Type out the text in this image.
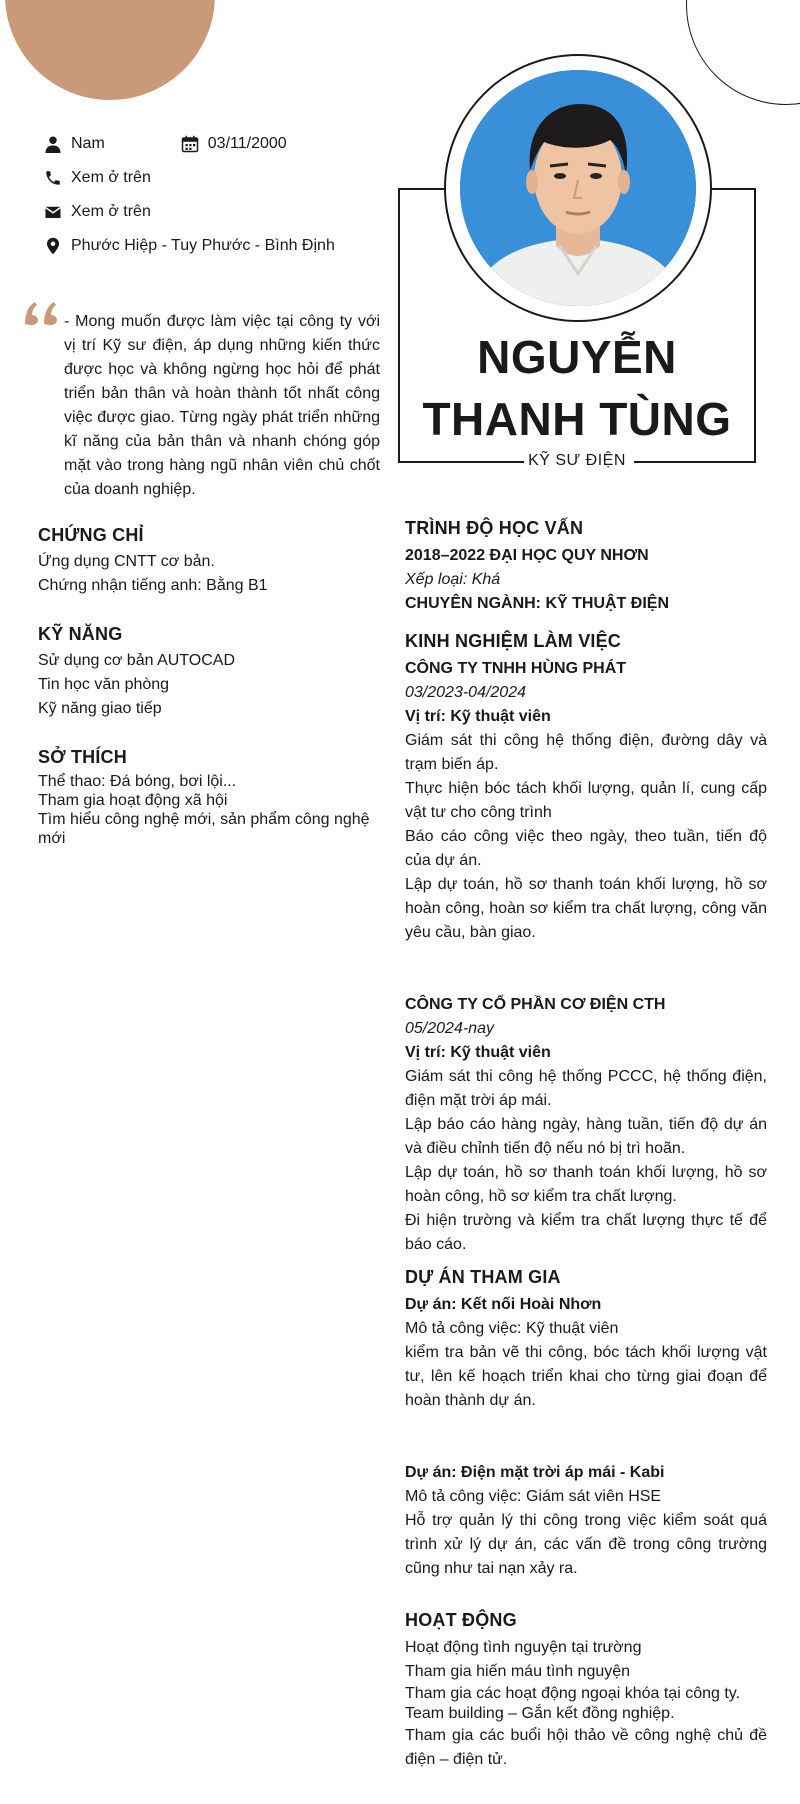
Nam	03/11/2000
Xem ở trên
Xem ở trên
Phước Hiệp - Tuy Phước - Bình Định

- Mong muốn được làm việc tại công ty với vị trí Kỹ sư điện, áp dụng những kiến thức được học và không ngừng học hỏi để phát triển bản thân và hoàn thành tốt nhất công việc được giao. Từng ngày phát triển những kĩ năng của bản thân và nhanh chóng góp mặt vào trong hàng ngũ nhân viên chủ chốt của doanh nghiệp.

CHỨNG CHỈ
Ứng dụng CNTT cơ bản.
Chứng nhận tiếng anh: Bằng B1
KỸ NĂNG
Sử dụng cơ bản AUTOCAD
Tin học văn phòng
Kỹ năng giao tiếp
SỞ THÍCH
Thể thao: Đá bóng, bơi lội...
Tham gia hoạt động xã hội
Tìm hiểu công nghệ mới, sản phẩm công nghệ mới
NGUYỄN
THANH TÙNG
KỸ SƯ ĐIỆN
TRÌNH ĐỘ HỌC VẤN
2018–2022 ĐẠI HỌC QUY NHƠN
Xếp loại: Khá
CHUYÊN NGÀNH: KỸ THUẬT ĐIỆN
KINH NGHIỆM LÀM VIỆC
CÔNG TY TNHH HÙNG PHÁT
03/2023-04/2024
Vị trí: Kỹ thuật viên
Giám sát thi công hệ thống điện, đường dây và trạm biến áp.
Thực hiện bóc tách khối lượng, quản lí, cung cấp vật tư cho công trình
Báo cáo công việc theo ngày, theo tuần, tiến độ của dự án.
Lập dự toán, hồ sơ thanh toán khối lượng, hồ sơ hoàn công, hoàn sơ kiểm tra chất lượng, công văn yêu cầu, bàn giao.
CÔNG TY CỔ PHẦN CƠ ĐIỆN CTH
05/2024-nay
Vị trí: Kỹ thuật viên
Giám sát thi công hệ thống PCCC, hệ thống điện, điện mặt trời áp mái.
Lập báo cáo hàng ngày, hàng tuần, tiến độ dự án và điều chỉnh tiến độ nếu nó bị trì hoãn.
Lập dự toán, hồ sơ thanh toán khối lượng, hồ sơ hoàn công, hồ sơ kiểm tra chất lượng.
Đi hiện trường và kiểm tra chất lượng thực tế để báo cáo.
DỰ ÁN THAM GIA
Dự án: Kết nối Hoài Nhơn
Mô tả công việc: Kỹ thuật viên
kiểm tra bản vẽ thi công, bóc tách khối lượng vật tư, lên kế hoạch triển khai cho từng giai đoạn để hoàn thành dự án.
Dự án: Điện mặt trời áp mái - Kabi
Mô tả công việc: Giám sát viên HSE
Hỗ trợ quản lý thi công trong việc kiểm soát quá trình xử lý dự án, các vấn đề trong công trường cũng như tai nạn xảy ra.
HOẠT ĐỘNG
Hoạt động tình nguyện tại trường
Tham gia hiến máu tình nguyện
Tham gia các hoạt động ngoại khóa tại công ty.
Team building – Gắn kết đồng nghiệp.
Tham gia các buổi hội thảo về công nghệ chủ đề điện – điện tử.
